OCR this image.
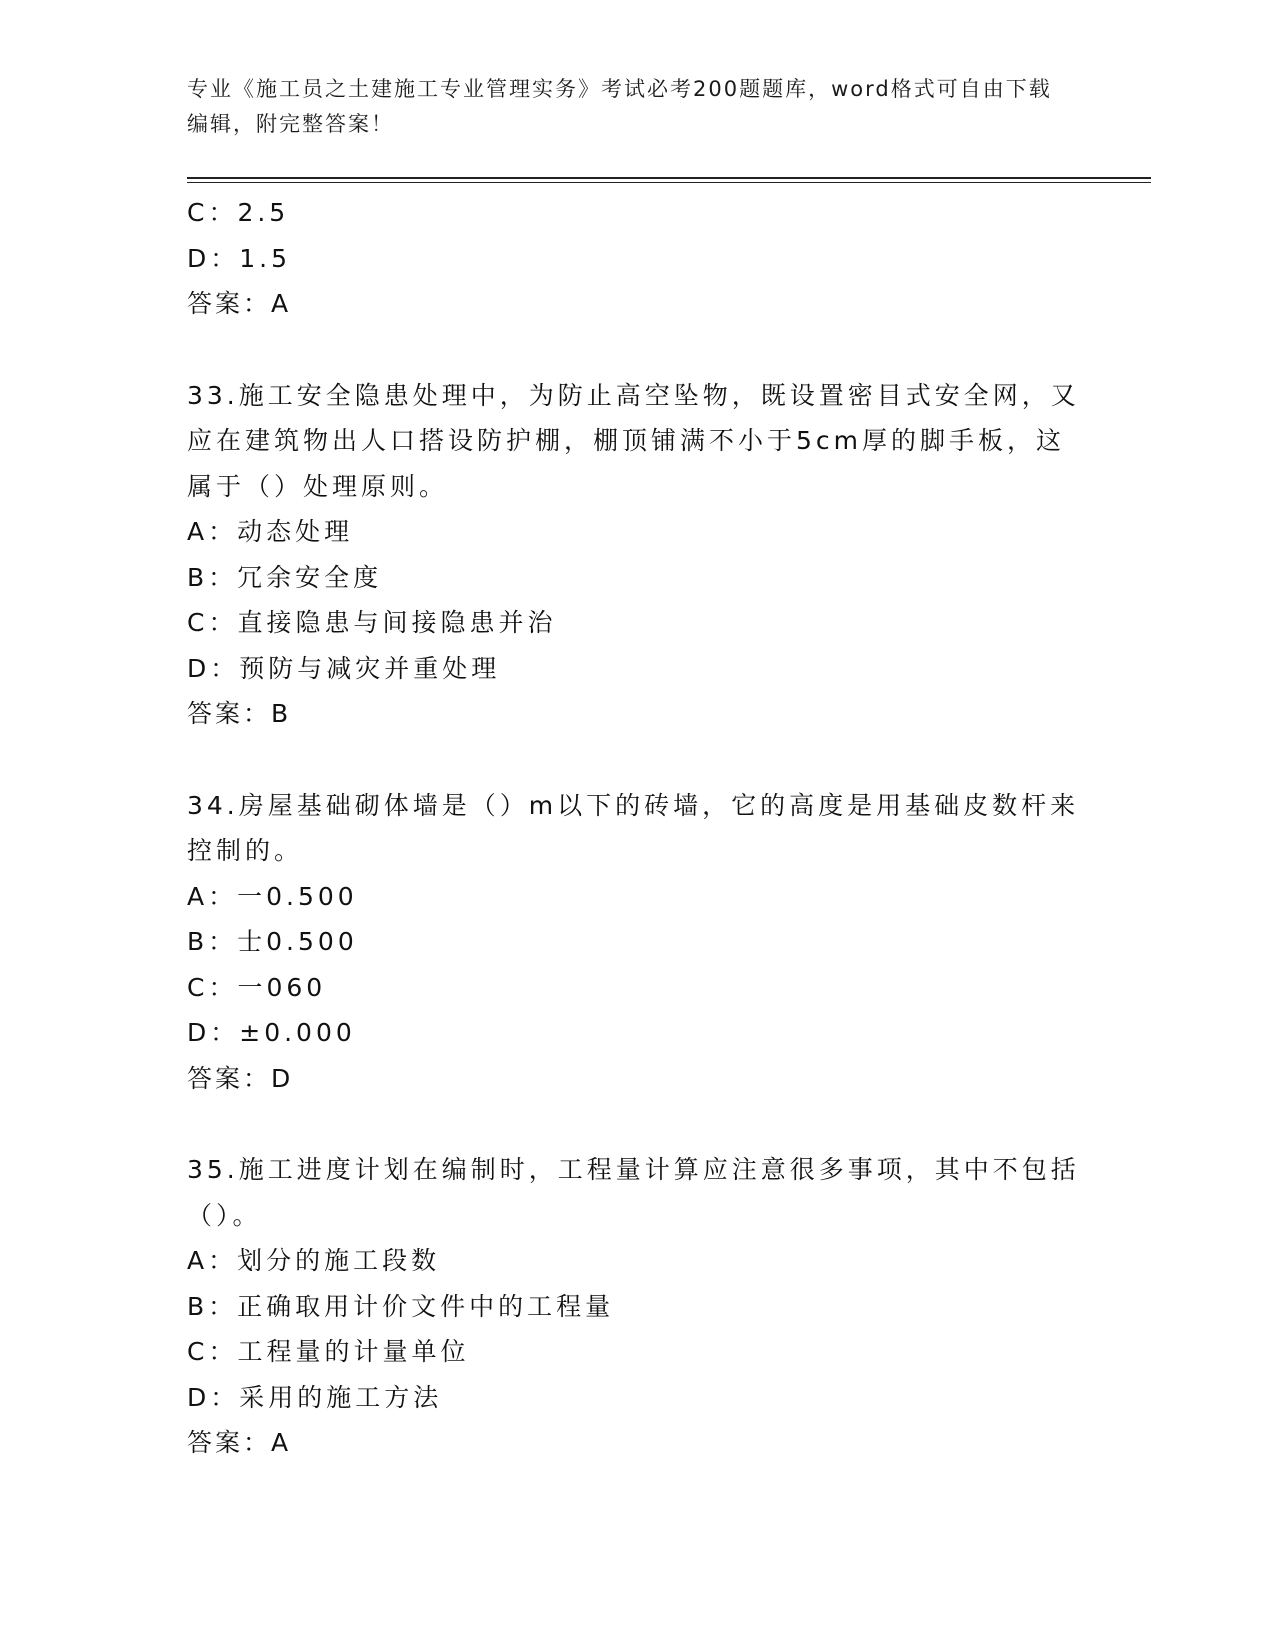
专业《施工员之土建施工专业管理实务》考试必考200题题库，word格式可自由下载编辑，附完整答案！
C：2.5
D：1.5
答案：A
33.施工安全隐患处理中，为防止高空坠物，既设置密目式安全网，又应在建筑物出人口搭设防护棚，棚顶铺满不小于5cm厚的脚手板，这属于（）处理原则。
A：动态处理
B：冗余安全度
C：直接隐患与间接隐患并治
D：预防与减灾并重处理
答案：B
34.房屋基础砌体墙是（）m以下的砖墙，它的高度是用基础皮数杆来控制的。
A：一0.500
B：士0.500
C：一060
D：±0.000
答案：D
35.施工进度计划在编制时，工程量计算应注意很多事项，其中不包括（）。
A：划分的施工段数
B：正确取用计价文件中的工程量
C：工程量的计量单位
D：采用的施工方法
答案：A
